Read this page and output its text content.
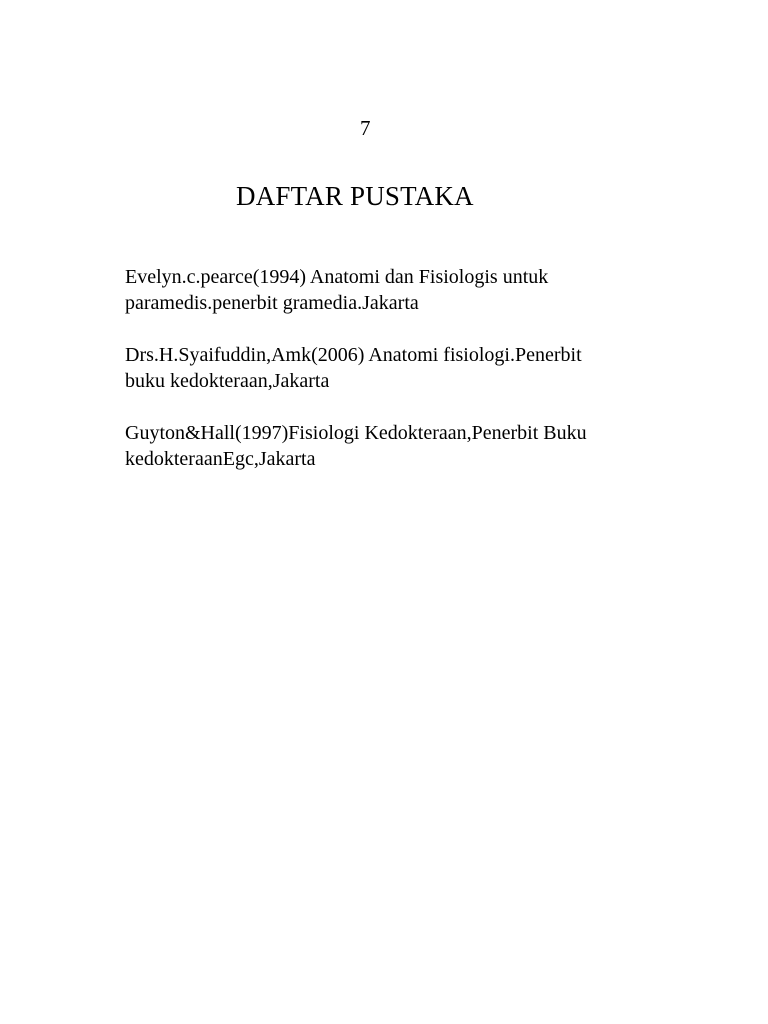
7
DAFTAR PUSTAKA
Evelyn.c.pearce(1994) Anatomi dan Fisiologis untuk
paramedis.penerbit gramedia.Jakarta
Drs.H.Syaifuddin,Amk(2006) Anatomi fisiologi.Penerbit
buku kedokteraan,Jakarta
Guyton&Hall(1997)Fisiologi Kedokteraan,Penerbit Buku
kedokteraanEgc,Jakarta
